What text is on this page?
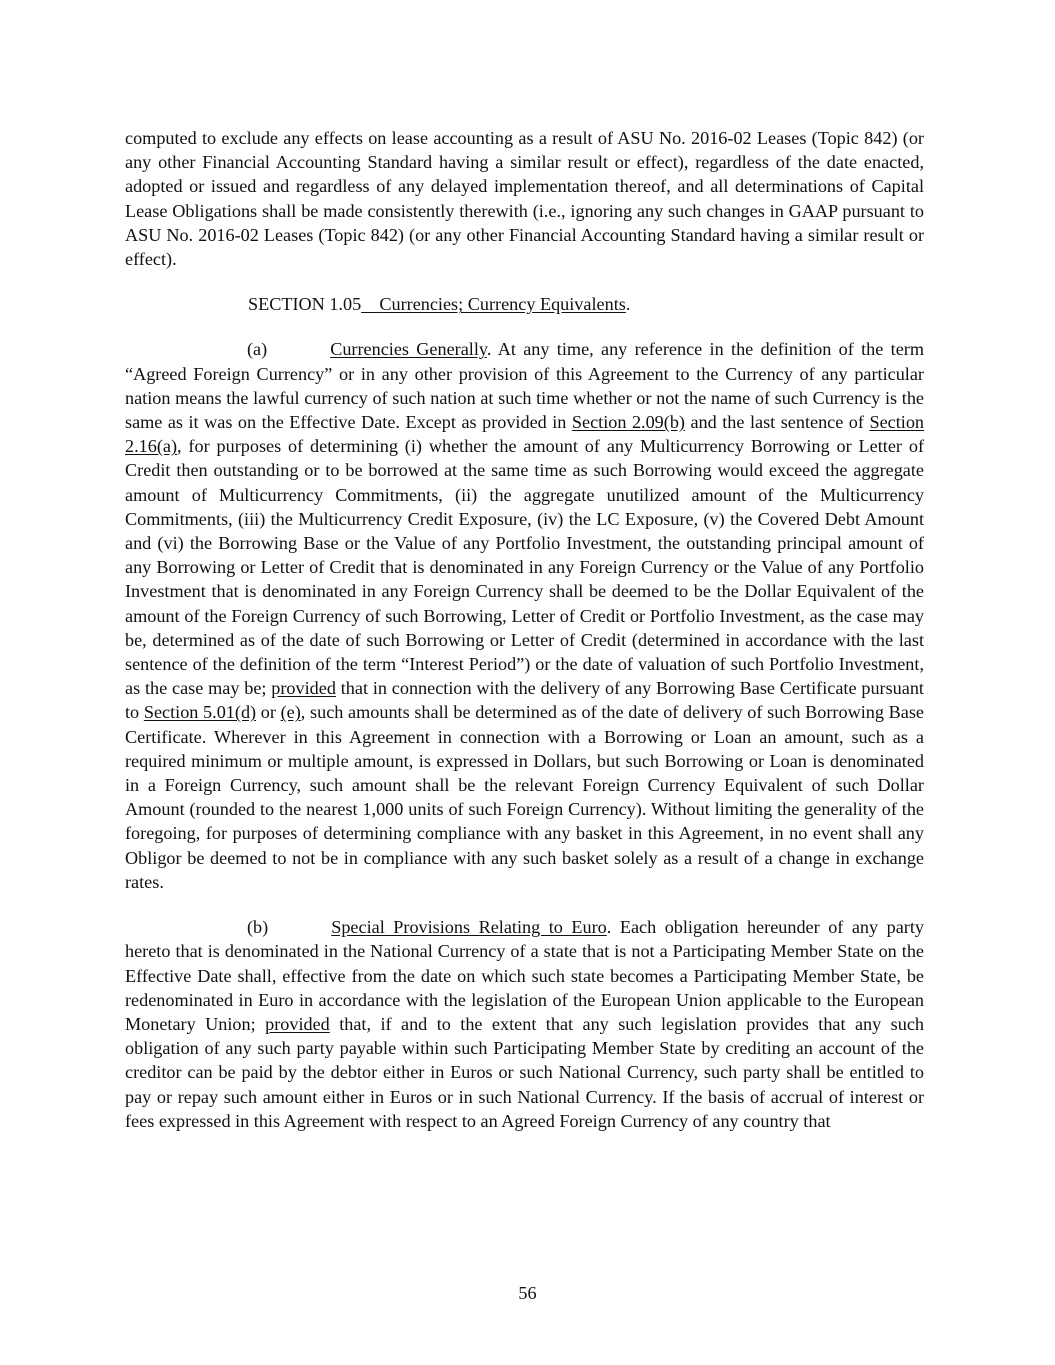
computed to exclude any effects on lease accounting as a result of ASU No. 2016-02 Leases (Topic 842) (or any other Financial Accounting Standard having a similar result or effect), regardless of the date enacted, adopted or issued and regardless of any delayed implementation thereof, and all determinations of Capital Lease Obligations shall be made consistently therewith (i.e., ignoring any such changes in GAAP pursuant to ASU No. 2016-02 Leases (Topic 842) (or any other Financial Accounting Standard having a similar result or effect).

SECTION 1.05 Currencies; Currency Equivalents.

(a)	Currencies Generally. At any time, any reference in the definition of the term “Agreed Foreign Currency” or in any other provision of this Agreement to the Currency of any particular nation means the lawful currency of such nation at such time whether or not the name of such Currency is the same as it was on the Effective Date. Except as provided in Section 2.09(b) and the last sentence of Section 2.16(a), for purposes of determining (i) whether the amount of any Multicurrency Borrowing or Letter of Credit then outstanding or to be borrowed at the same time as such Borrowing would exceed the aggregate amount of Multicurrency Commitments, (ii) the aggregate unutilized amount of the Multicurrency Commitments, (iii) the Multicurrency Credit Exposure, (iv) the LC Exposure, (v) the Covered Debt Amount and (vi) the Borrowing Base or the Value of any Portfolio Investment, the outstanding principal amount of any Borrowing or Letter of Credit that is denominated in any Foreign Currency or the Value of any Portfolio Investment that is denominated in any Foreign Currency shall be deemed to be the Dollar Equivalent of the amount of the Foreign Currency of such Borrowing, Letter of Credit or Portfolio Investment, as the case may be, determined as of the date of such Borrowing or Letter of Credit (determined in accordance with the last sentence of the definition of the term “Interest Period”) or the date of valuation of such Portfolio Investment, as the case may be; provided that in connection with the delivery of any Borrowing Base Certificate pursuant to Section 5.01(d) or (e), such amounts shall be determined as of the date of delivery of such Borrowing Base Certificate. Wherever in this Agreement in connection with a Borrowing or Loan an amount, such as a required minimum or multiple amount, is expressed in Dollars, but such Borrowing or Loan is denominated in a Foreign Currency, such amount shall be the relevant Foreign Currency Equivalent of such Dollar Amount (rounded to the nearest 1,000 units of such Foreign Currency). Without limiting the generality of the foregoing, for purposes of determining compliance with any basket in this Agreement, in no event shall any Obligor be deemed to not be in compliance with any such basket solely as a result of a change in exchange rates.

(b)	Special Provisions Relating to Euro. Each obligation hereunder of any party hereto that is denominated in the National Currency of a state that is not a Participating Member State on the Effective Date shall, effective from the date on which such state becomes a Participating Member State, be redenominated in Euro in accordance with the legislation of the European Union applicable to the European Monetary Union; provided that, if and to the extent that any such legislation provides that any such obligation of any such party payable within such Participating Member State by crediting an account of the creditor can be paid by the debtor either in Euros or such National Currency, such party shall be entitled to pay or repay such amount either in Euros or in such National Currency. If the basis of accrual of interest or fees expressed in this Agreement with respect to an Agreed Foreign Currency of any country that

56
